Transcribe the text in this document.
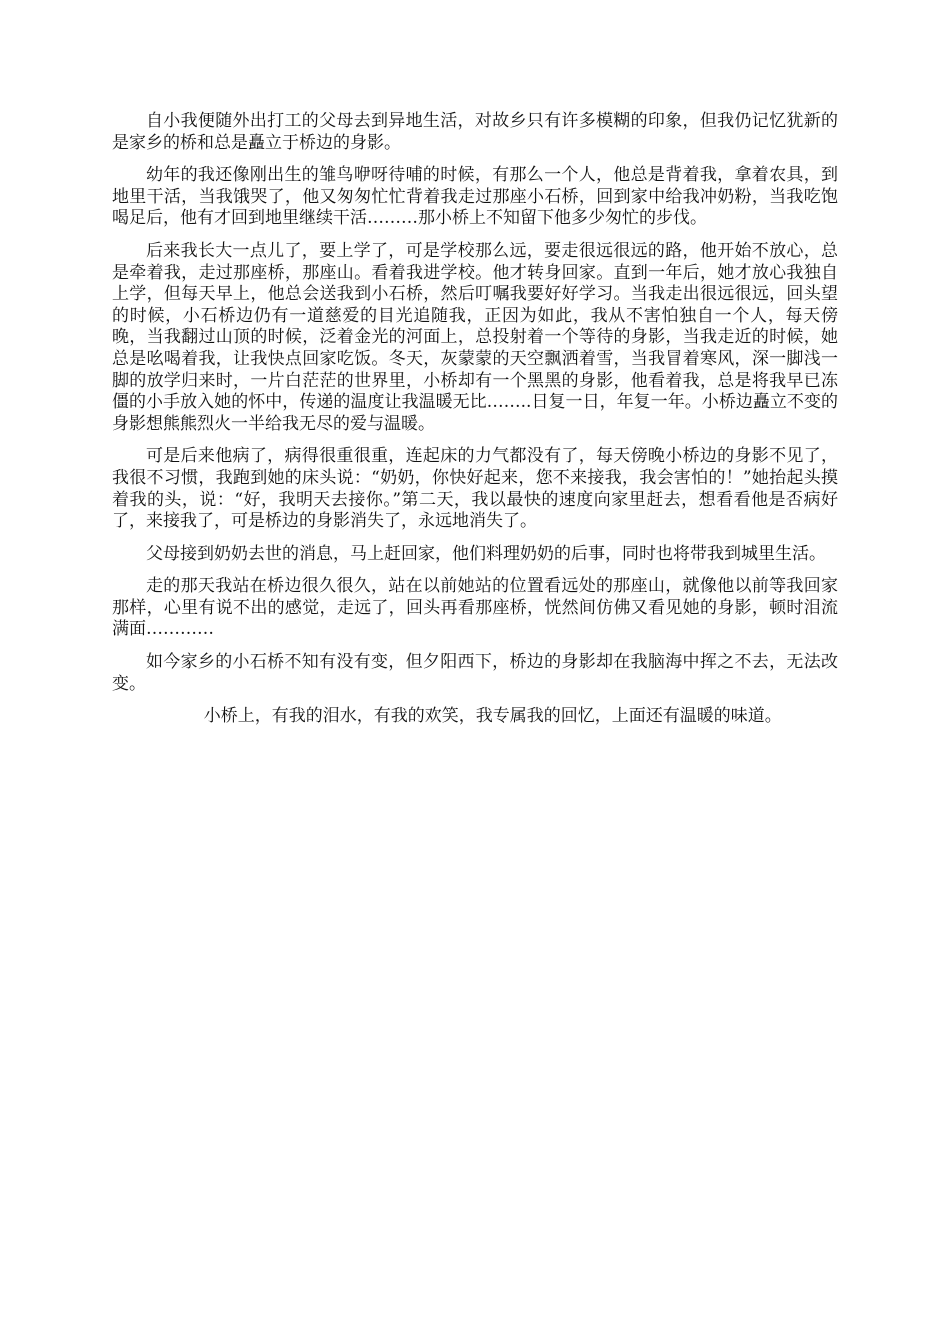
自小我便随外出打工的父母去到异地生活，对故乡只有许多模糊的印象，但我仍记忆犹新的是家乡的桥和总是矗立于桥边的身影。

幼年的我还像刚出生的雏鸟咿呀待哺的时候，有那么一个人，他总是背着我，拿着农具，到地里干活，当我饿哭了，他又匆匆忙忙背着我走过那座小石桥，回到家中给我冲奶粉，当我吃饱喝足后，他有才回到地里继续干活………那小桥上不知留下他多少匆忙的步伐。

后来我长大一点儿了，要上学了，可是学校那么远，要走很远很远的路，他开始不放心，总是牵着我，走过那座桥，那座山。看着我进学校。他才转身回家。直到一年后，她才放心我独自上学，但每天早上，他总会送我到小石桥，然后叮嘱我要好好学习。当我走出很远很远，回头望的时候，小石桥边仍有一道慈爱的目光追随我，正因为如此，我从不害怕独自一个人，每天傍晚，当我翻过山顶的时候，泛着金光的河面上，总投射着一个等待的身影，当我走近的时候，她总是吆喝着我，让我快点回家吃饭。冬天，灰蒙蒙的天空飘洒着雪，当我冒着寒风，深一脚浅一脚的放学归来时，一片白茫茫的世界里，小桥却有一个黑黑的身影，他看着我，总是将我早已冻僵的小手放入她的怀中，传递的温度让我温暖无比……..日复一日，年复一年。小桥边矗立不变的身影想熊熊烈火一半给我无尽的爱与温暖。

可是后来他病了，病得很重很重，连起床的力气都没有了，每天傍晚小桥边的身影不见了，我很不习惯，我跑到她的床头说：“奶奶，你快好起来，您不来接我，我会害怕的！”她抬起头摸着我的头，说：“好，我明天去接你。”第二天，我以最快的速度向家里赶去，想看看他是否病好了，来接我了，可是桥边的身影消失了，永远地消失了。

父母接到奶奶去世的消息，马上赶回家，他们料理奶奶的后事，同时也将带我到城里生活。

走的那天我站在桥边很久很久，站在以前她站的位置看远处的那座山，就像他以前等我回家那样，心里有说不出的感觉，走远了，回头再看那座桥，恍然间仿佛又看见她的身影，顿时泪流满面…………

如今家乡的小石桥不知有没有变，但夕阳西下，桥边的身影却在我脑海中挥之不去，无法改变。

小桥上，有我的泪水，有我的欢笑，我专属我的回忆，上面还有温暖的味道。
